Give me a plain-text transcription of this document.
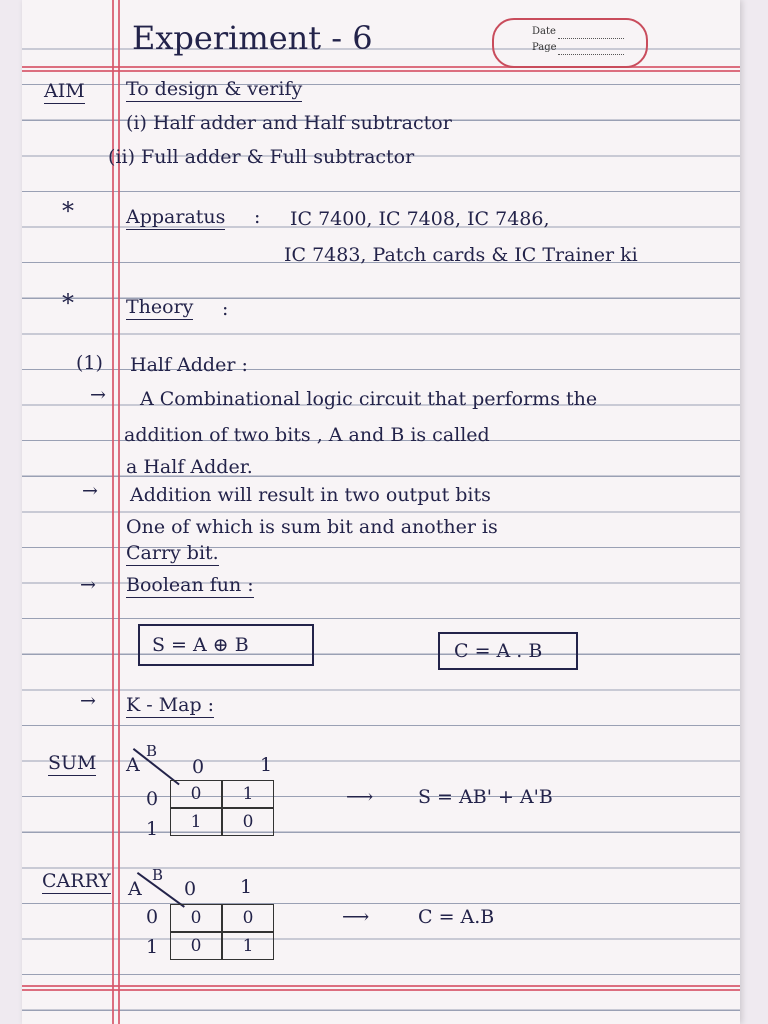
Experiment - 6	Date
Page
AIM To design & verify
(i) Half adder and Half subtractor
(ii) Full adder & Full subtractor
*	Apparatus : IC 7400, IC 7408, IC 7486,
IC 7483, Patch cards & IC Trainer ki
*	Theory :
(1) Half Adder :
→ A Combinational logic circuit that performs the
addition of two bits , A and B is called
a Half Adder.
→ Addition will result in two output bits
One of which is sum bit and another is
Carry bit.
→ Boolean fun :
S = A ⊕ B	C = A . B
→ K - Map :
SUM A
B
0	1
0
1
0	1
1	0
⟶ S = AB' + A'B
CARRY A
B
0 1
0
1
0	0
0	1
⟶	C = A.B
